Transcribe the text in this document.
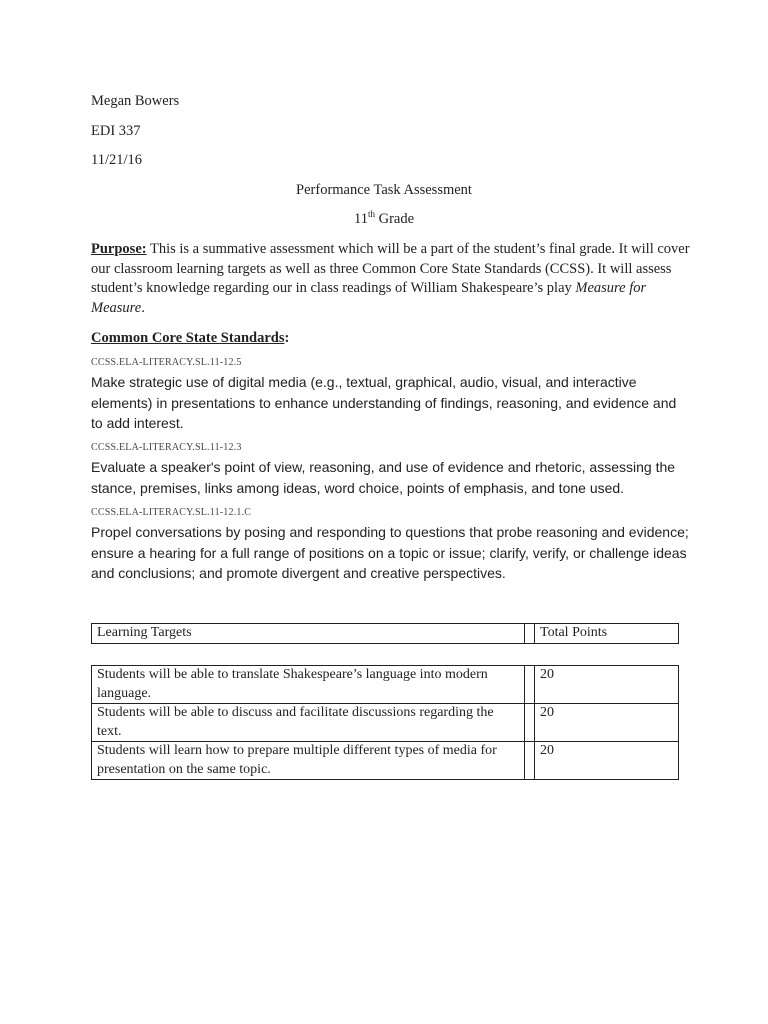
Megan Bowers
EDI 337
11/21/16
Performance Task Assessment
11th Grade
Purpose: This is a summative assessment which will be a part of the student’s final grade. It will cover our classroom learning targets as well as three Common Core State Standards (CCSS). It will assess student’s knowledge regarding our in class readings of William Shakespeare’s play Measure for Measure.
Common Core State Standards:
CCSS.ELA-LITERACY.SL.11-12.5
Make strategic use of digital media (e.g., textual, graphical, audio, visual, and interactive elements) in presentations to enhance understanding of findings, reasoning, and evidence and to add interest.
CCSS.ELA-LITERACY.SL.11-12.3
Evaluate a speaker's point of view, reasoning, and use of evidence and rhetoric, assessing the stance, premises, links among ideas, word choice, points of emphasis, and tone used.
CCSS.ELA-LITERACY.SL.11-12.1.C
Propel conversations by posing and responding to questions that probe reasoning and evidence; ensure a hearing for a full range of positions on a topic or issue; clarify, verify, or challenge ideas and conclusions; and promote divergent and creative perspectives.
Learning Targets		Total Points
Students will be able to translate Shakespeare’s language into modern language.		20
Students will be able to discuss and facilitate discussions regarding the text.		20
Students will learn how to prepare multiple different types of media for presentation on the same topic.		20
